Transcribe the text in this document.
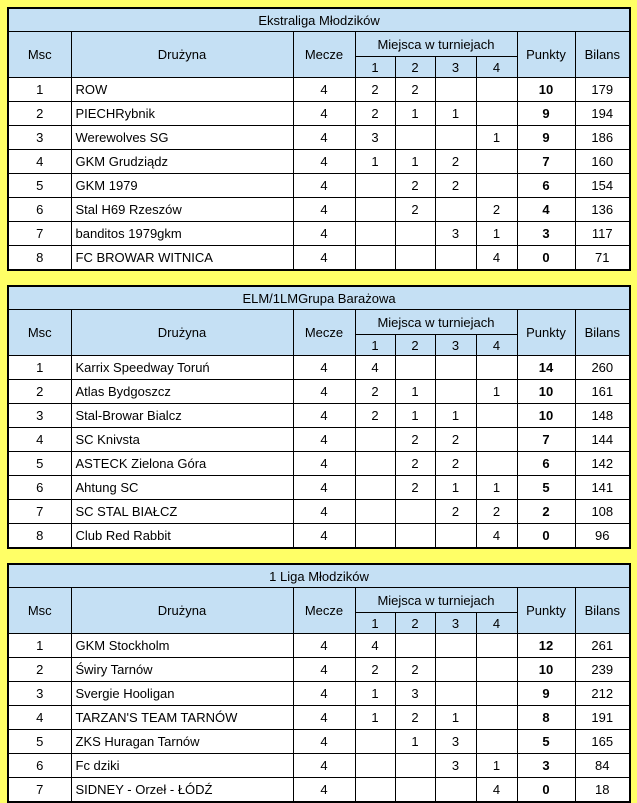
Ekstraliga Młodzików								
Msc	Drużyna	Mecze	Miejsca w turniejach				Punkty	Bilans
			1	2	3	4		
1	ROW	4	2	2			10	179
2	PIECHRybnik	4	2	1	1		9	194
3	Werewolves SG	4	3			1	9	186
4	GKM Grudziądz	4	1	1	2		7	160
5	GKM 1979	4		2	2		6	154
6	Stal H69 Rzeszów	4		2		2	4	136
7	banditos 1979gkm	4			3	1	3	117
8	FC BROWAR WITNICA	4				4	0	71
ELM/1LMGrupa Barażowa								
Msc	Drużyna	Mecze	Miejsca w turniejach				Punkty	Bilans
			1	2	3	4		
1	Karrix Speedway Toruń	4	4				14	260
2	Atlas Bydgoszcz	4	2	1		1	10	161
3	Stal-Browar Bialcz	4	2	1	1		10	148
4	SC Knivsta	4		2	2		7	144
5	ASTECK Zielona Góra	4		2	2		6	142
6	Ahtung SC	4		2	1	1	5	141
7	SC STAL BIAŁCZ	4			2	2	2	108
8	Club Red Rabbit	4				4	0	96
1 Liga Młodzików								
Msc	Drużyna	Mecze	Miejsca w turniejach				Punkty	Bilans
			1	2	3	4		
1	GKM Stockholm	4	4				12	261
2	Świry Tarnów	4	2	2			10	239
3	Svergie Hooligan	4	1	3			9	212
4	TARZAN'S TEAM TARNÓW	4	1	2	1		8	191
5	ZKS Huragan Tarnów	4		1	3		5	165
6	Fc dziki	4			3	1	3	84
7	SIDNEY - Orzeł - ŁÓDŹ	4				4	0	18
